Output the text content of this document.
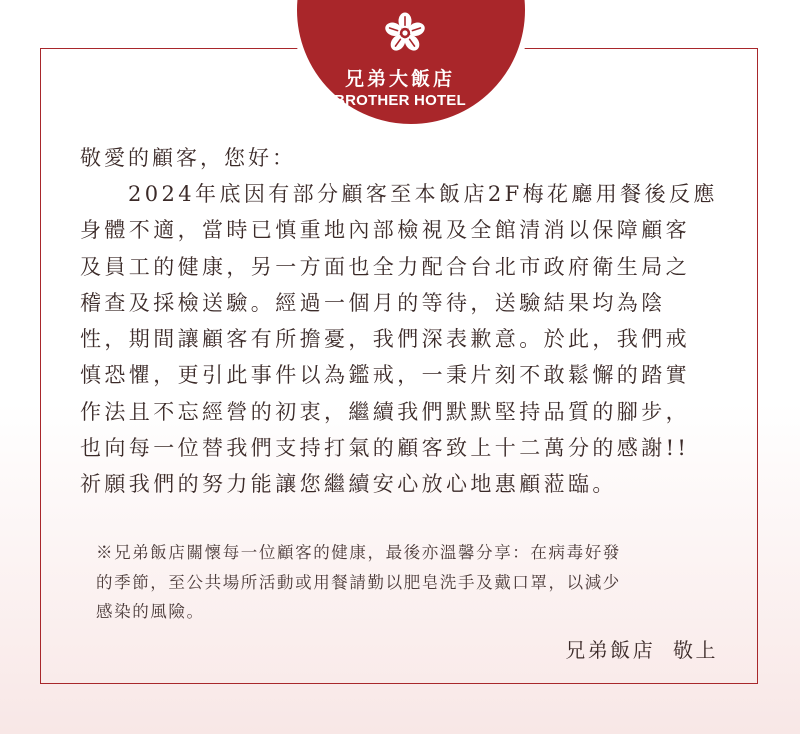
兄弟大飯店
BROTHER HOTEL

敬愛的顧客，您好：

2024年底因有部分顧客至本飯店2F梅花廳用餐後反應

身體不適，當時已慎重地內部檢視及全館清消以保障顧客

及員工的健康，另一方面也全力配合台北市政府衛生局之

稽查及採檢送驗。經過一個月的等待，送驗結果均為陰

性，期間讓顧客有所擔憂，我們深表歉意。於此，我們戒

慎恐懼，更引此事件以為鑑戒，一秉片刻不敢鬆懈的踏實

作法且不忘經營的初衷，繼續我們默默堅持品質的腳步，

也向每一位替我們支持打氣的顧客致上十二萬分的感謝!!

祈願我們的努力能讓您繼續安心放心地惠顧蒞臨。

※兄弟飯店關懷每一位顧客的健康，最後亦溫馨分享：在病毒好發

的季節，至公共場所活動或用餐請勤以肥皂洗手及戴口罩，以減少

感染的風險。

兄弟飯店  敬上
